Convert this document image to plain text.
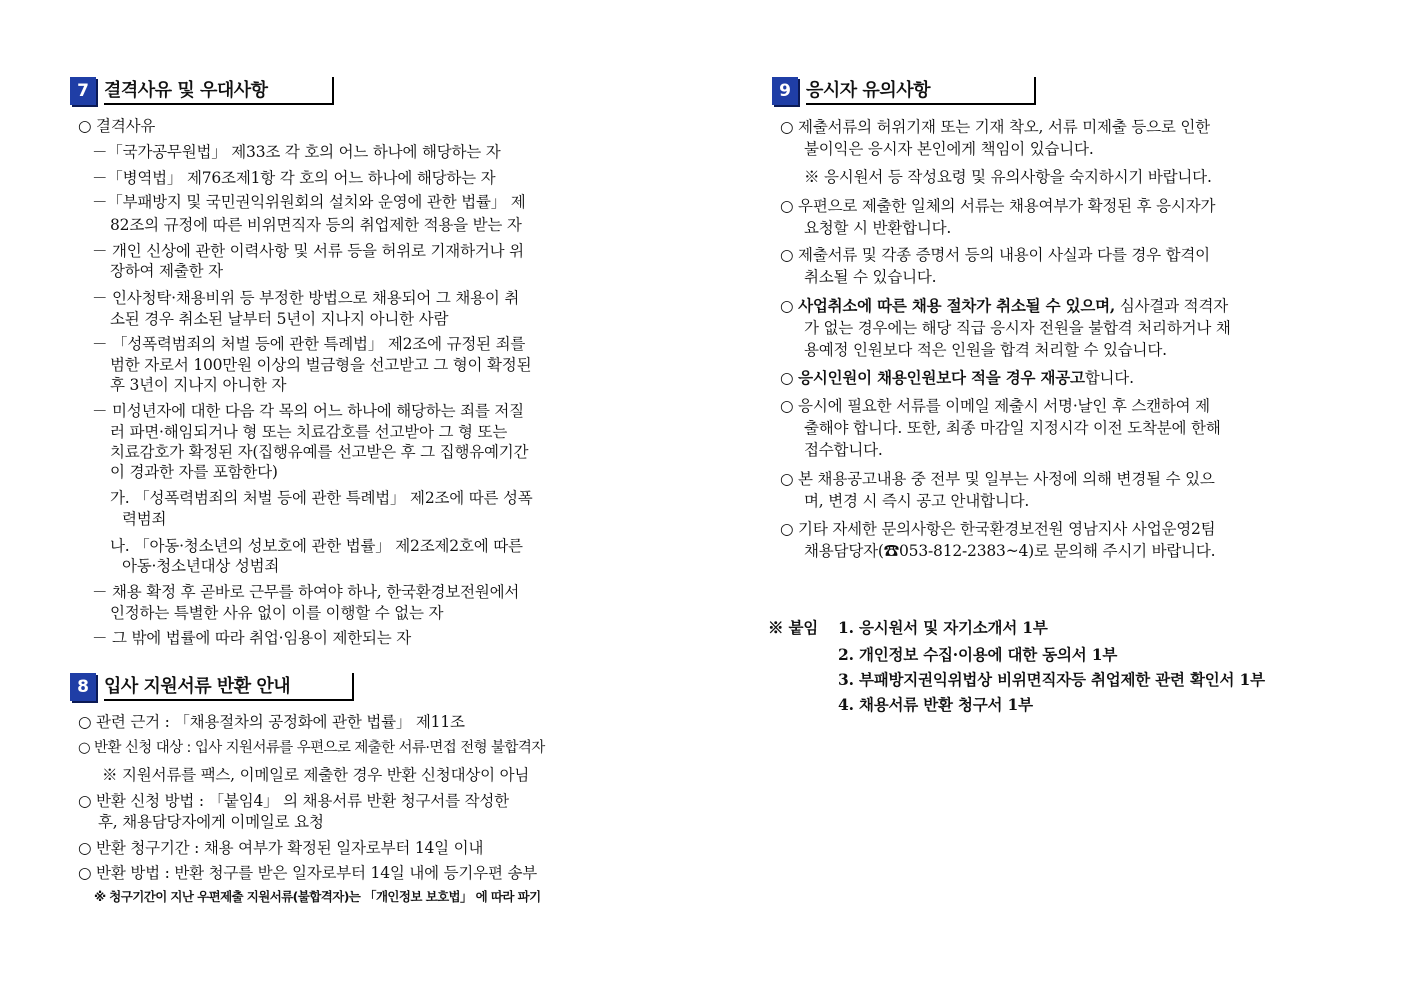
7 결격사유 및 우대사항
○ 결격사유
－「국가공무원법」 제33조 각 호의 어느 하나에 해당하는 자
－「병역법」 제76조제1항 각 호의 어느 하나에 해당하는 자
－「부패방지 및 국민권익위원회의 설치와 운영에 관한 법률」 제
82조의 규정에 따른 비위면직자 등의 취업제한 적용을 받는 자
－ 개인 신상에 관한 이력사항 및 서류 등을 허위로 기재하거나 위
장하여 제출한 자
－ 인사청탁·채용비위 등 부정한 방법으로 채용되어 그 채용이 취
소된 경우 취소된 날부터 5년이 지나지 아니한 사람
－ 「성폭력범죄의 처벌 등에 관한 특례법」 제2조에 규정된 죄를
범한 자로서 100만원 이상의 벌금형을 선고받고 그 형이 확정된
후 3년이 지나지 아니한 자
－ 미성년자에 대한 다음 각 목의 어느 하나에 해당하는 죄를 저질
러 파면·해임되거나 형 또는 치료감호를 선고받아 그 형 또는
치료감호가 확정된 자(집행유예를 선고받은 후 그 집행유예기간
이 경과한 자를 포함한다)
가. 「성폭력범죄의 처벌 등에 관한 특례법」 제2조에 따른 성폭
력범죄
나. 「아동·청소년의 성보호에 관한 법률」 제2조제2호에 따른
아동·청소년대상 성범죄
－ 채용 확정 후 곧바로 근무를 하여야 하나, 한국환경보전원에서
인정하는 특별한 사유 없이 이를 이행할 수 없는 자
－ 그 밖에 법률에 따라 취업·임용이 제한되는 자
8 입사 지원서류 반환 안내
○ 관련 근거 : 「채용절차의 공정화에 관한 법률」 제11조
○ 반환 신청 대상 : 입사 지원서류를 우편으로 제출한 서류·면접 전형 불합격자
※ 지원서류를 팩스, 이메일로 제출한 경우 반환 신청대상이 아님
○ 반환 신청 방법 : 「붙임4」 의 채용서류 반환 청구서를 작성한
후, 채용담당자에게 이메일로 요청
○ 반환 청구기간 : 채용 여부가 확정된 일자로부터 14일 이내
○ 반환 방법 : 반환 청구를 받은 일자로부터 14일 내에 등기우편 송부
※ 청구기간이 지난 우편제출 지원서류(불합격자)는 「개인정보 보호법」 에 따라 파기
9 응시자 유의사항
○ 제출서류의 허위기재 또는 기재 착오, 서류 미제출 등으로 인한
불이익은 응시자 본인에게 책임이 있습니다.
※ 응시원서 등 작성요령 및 유의사항을 숙지하시기 바랍니다.
○ 우편으로 제출한 일체의 서류는 채용여부가 확정된 후 응시자가
요청할 시 반환합니다.
○ 제출서류 및 각종 증명서 등의 내용이 사실과 다를 경우 합격이
취소될 수 있습니다.
○ 사업취소에 따른 채용 절차가 취소될 수 있으며, 심사결과 적격자
가 없는 경우에는 해당 직급 응시자 전원을 불합격 처리하거나 채
용예정 인원보다 적은 인원을 합격 처리할 수 있습니다.
○ 응시인원이 채용인원보다 적을 경우 재공고합니다.
○ 응시에 필요한 서류를 이메일 제출시 서명·날인 후 스캔하여 제
출해야 합니다. 또한, 최종 마감일 지정시각 이전 도착분에 한해
접수합니다.
○ 본 채용공고내용 중 전부 및 일부는 사정에 의해 변경될 수 있으
며, 변경 시 즉시 공고 안내합니다.
○ 기타 자세한 문의사항은 한국환경보전원 영남지사 사업운영2팀
채용담당자(☎053-812-2383~4)로 문의해 주시기 바랍니다.
※ 붙임 1. 응시원서 및 자기소개서 1부
2. 개인정보 수집·이용에 대한 동의서 1부
3. 부패방지권익위법상 비위면직자등 취업제한 관련 확인서 1부
4. 채용서류 반환 청구서 1부
